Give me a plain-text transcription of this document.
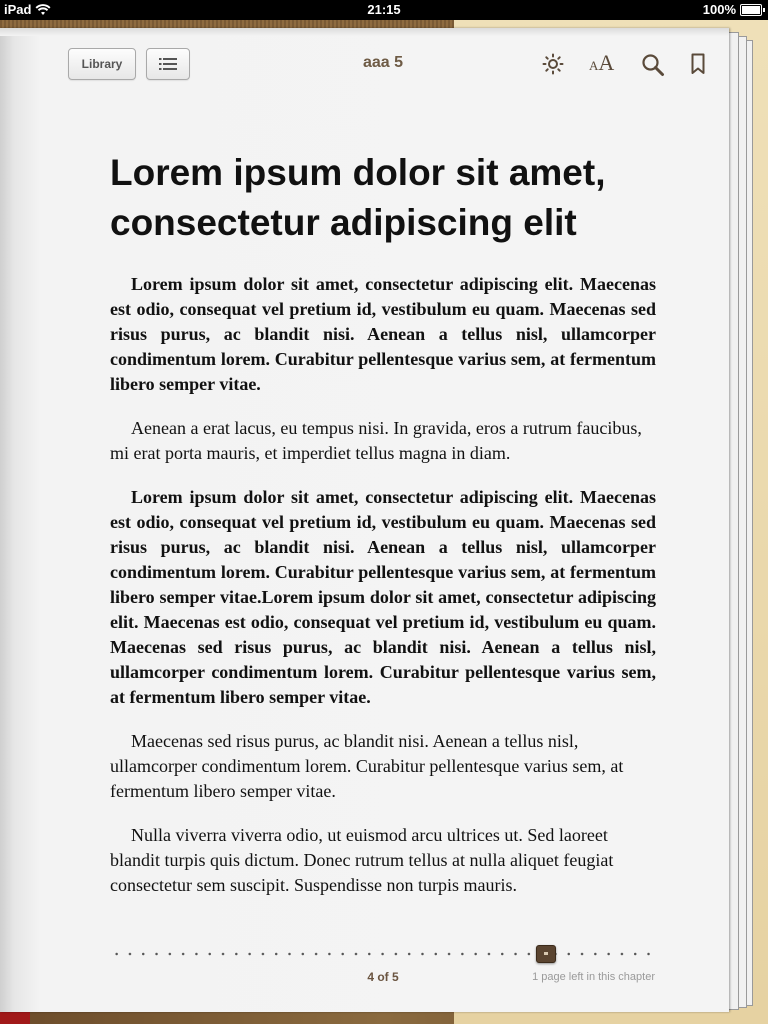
iPad	21:15	100%
Library	aaa 5	AA
Lorem ipsum dolor sit amet, consectetur adipiscing elit

Lorem ipsum dolor sit amet, consectetur adipiscing elit. Maecenas est odio, consequat vel pretium id, vestibulum eu quam. Maecenas sed risus purus, ac blandit nisi. Aenean a tellus nisl, ullamcorper condimentum lorem. Curabitur pellentesque varius sem, at fermentum libero semper vitae.

Aenean a erat lacus, eu tempus nisi. In gravida, eros a rutrum faucibus, mi erat porta mauris, et imperdiet tellus magna in diam.

Lorem ipsum dolor sit amet, consectetur adipiscing elit. Maecenas est odio, consequat vel pretium id, vestibulum eu quam. Maecenas sed risus purus, ac blandit nisi. Aenean a tellus nisl, ullamcorper condimentum lorem. Curabitur pellentesque varius sem, at fermentum libero semper vitae.Lorem ipsum dolor sit amet, consectetur adipiscing elit. Maecenas est odio, consequat vel pretium id, vestibulum eu quam. Maecenas sed risus purus, ac blandit nisi. Aenean a tellus nisl, ullamcorper condimentum lorem. Curabitur pellentesque varius sem, at fermentum libero semper vitae.

Maecenas sed risus purus, ac blandit nisi. Aenean a tellus nisl, ullamcorper condimentum lorem. Curabitur pellentesque varius sem, at fermentum libero semper vitae.

Nulla viverra viverra odio, ut euismod arcu ultrices ut. Sed laoreet blandit turpis quis dictum. Donec rutrum tellus at nulla aliquet feugiat consectetur sem suscipit. Suspendisse non turpis mauris.

4 of 5	1 page left in this chapter
